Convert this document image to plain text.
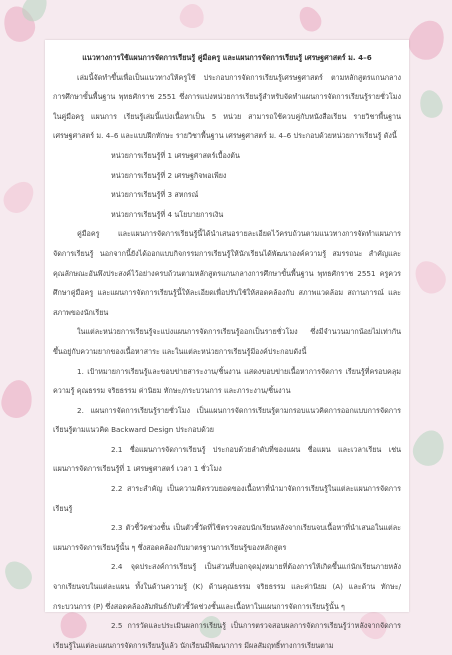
แนวทางการใช้แผนการจัดการเรียนรู้ คู่มือครู และแผนการจัดการเรียนรู้ เศรษฐศาสตร์ ม. 4–6
เล่มนี้จัดทำขึ้นเพื่อเป็นแนวทางให้ครูใช้ ประกอบการจัดการเรียนรู้เศรษฐศาสตร์ ตามหลักสูตรแกนกลางการศึกษาขั้นพื้นฐาน พุทธศักราช 2551 ซึ่งการแบ่งหน่วยการเรียนรู้สำหรับจัดทำแผนการจัดการเรียนรู้รายชั่วโมงในคู่มือครู แผนการ เรียนรู้เล่มนี้แบ่งเนื้อหาเป็น 5 หน่วย สามารถใช้ควบคู่กับหนังสือเรียน รายวิชาพื้นฐาน เศรษฐศาสตร์ ม. 4–6 และแบบฝึกทักษะ รายวิชาพื้นฐาน เศรษฐศาสตร์ ม. 4–6 ประกอบด้วยหน่วยการเรียนรู้ ดังนี้
หน่วยการเรียนรู้ที่ 1 เศรษฐศาสตร์เบื้องต้น
หน่วยการเรียนรู้ที่ 2 เศรษฐกิจพอเพียง
หน่วยการเรียนรู้ที่ 3 สหกรณ์
หน่วยการเรียนรู้ที่ 4 นโยบายการเงิน
คู่มือครู และแผนการจัดการเรียนรู้นี้ได้นำเสนอรายละเอียดไว้ครบถ้วนตามแนวทางการจัดทำแผนการจัดการเรียนรู้ นอกจากนี้ยังได้ออกแบบกิจกรรมการเรียนรู้ให้นักเรียนได้พัฒนาองค์ความรู้ สมรรถนะ สำคัญและคุณลักษณะอันพึงประสงค์ไว้อย่างครบถ้วนตามหลักสูตรแกนกลางการศึกษาขั้นพื้นฐาน พุทธศักราช 2551 ครูควรศึกษาคู่มือครู และแผนการจัดการเรียนรู้นี้ให้ละเอียดเพื่อปรับใช้ให้สอดคล้องกับ สภาพแวดล้อม สถานการณ์ และสภาพของนักเรียน
ในแต่ละหน่วยการเรียนรู้จะแบ่งแผนการจัดการเรียนรู้ออกเป็นรายชั่วโมง ซึ่งมีจำนวนมากน้อยไม่เท่ากัน ขึ้นอยู่กับความยากของเนื้อหาสาระ และในแต่ละหน่วยการเรียนรู้มีองค์ประกอบดังนี้
1. เป้าหมายการเรียนรู้และขอบข่ายสาระงาน/ชิ้นงาน แสดงขอบข่ายเนื้อหาการจัดการ เรียนรู้ที่ครอบคลุมความรู้ คุณธรรม จริยธรรม ค่านิยม ทักษะ/กระบวนการ และภาระงาน/ชิ้นงาน
2. แผนการจัดการเรียนรู้รายชั่วโมง เป็นแผนการจัดการเรียนรู้ตามกรอบแนวคิดการออกแบบการจัดการเรียนรู้ตามแนวคิด Backward Design ประกอบด้วย
2.1 ชื่อแผนการจัดการเรียนรู้ ประกอบด้วยลำดับที่ของแผน ชื่อแผน และเวลาเรียน เช่น แผนการจัดการเรียนรู้ที่ 1 เศรษฐศาสตร์ เวลา 1 ชั่วโมง
2.2 สาระสำคัญ เป็นความคิดรวบยอดของเนื้อหาที่นำมาจัดการเรียนรู้ในแต่ละแผนการจัดการ เรียนรู้
2.3 ตัวชี้วัดช่วงชั้น เป็นตัวชี้วัดที่ใช้ตรวจสอบนักเรียนหลังจากเรียนจบเนื้อหาที่นำเสนอในแต่ละแผนการจัดการเรียนรู้นั้น ๆ ซึ่งสอดคล้องกับมาตรฐานการเรียนรู้ของหลักสูตร
2.4 จุดประสงค์การเรียนรู้ เป็นส่วนที่บอกจุดมุ่งหมายที่ต้องการให้เกิดขึ้นแก่นักเรียนภายหลังจากเรียนจบในแต่ละแผน ทั้งในด้านความรู้ (K) ด้านคุณธรรม จริยธรรม และค่านิยม (A) และด้าน ทักษะ/กระบวนการ (P) ซึ่งสอดคล้องสัมพันธ์กับตัวชี้วัดช่วงชั้นและเนื้อหาในแผนการจัดการเรียนรู้นั้น ๆ
2.5 การวัดและประเมินผลการเรียนรู้ เป็นการตรวจสอบผลการจัดการเรียนรู้ว่าหลังจากจัดการ เรียนรู้ในแต่ละแผนการจัดการเรียนรู้แล้ว นักเรียนมีพัฒนาการ มีผลสัมฤทธิ์ทางการเรียนตาม
